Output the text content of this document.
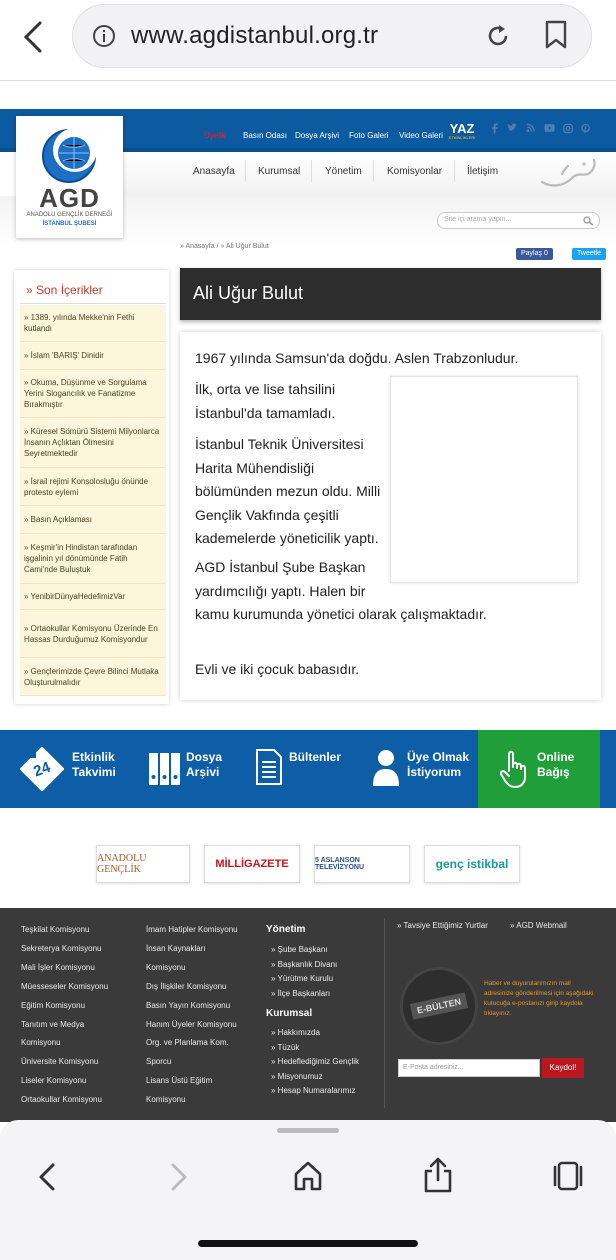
www.agdistanbul.org.tr
Üyelik Basın Odası Dosya Arşivi Foto Galeri Video Galeri YAZ
ETKİNLİKLERİ
Anasayfa Kurumsal Yönetim	Komisyonlar İletişim
AGD
ANADOLU GENÇLİK DERNEĞİ
İSTANBUL ŞUBESİ
Site içi arama yapın...
» Anasayfa / » Ali Uğur Bulut
Paylaş 0	Tweetle
» Son İçerikler
» 1389. yılında Mekke'nin Fethi kutlandı
» İslam 'BARIŞ' Dinidir
» Okuma, Düşünme ve Sorgulama Yerini Slogancılık ve Fanatizme Bırakmıştır
» Küresel Sömürü Sistemi Milyonlarca İnsanın Açlıktan Ölmesini Seyretmektedir
» İsrail rejimi Konsolosluğu önünde protesto eylemi
» Basın Açıklaması
» Keşmir'in Hindistan tarafından işgalinin yıl dönümünde Fatih Cami'nde Buluştuk
» YenibirDünyaHedefimizVar
» Ortaokullar Komisyonu Üzerinde En Hassas Durduğumuz Komisyondur
» Gençlerimizde Çevre Bilinci Mutlaka Oluşturulmalıdır
Ali Uğur Bulut
1967 yılında Samsun'da doğdu. Aslen Trabzonludur.
İlk, orta ve lise tahsilini
İstanbul'da tamamladı.
İstanbul Teknik Üniversitesi
Harita Mühendisliği
bölümünden mezun oldu. Milli
Gençlik Vakfında çeşitli
kademelerde yöneticilik yaptı.
AGD İstanbul Şube Başkan
yardımcılığı yaptı. Halen bir
kamu kurumunda yönetici olarak çalışmaktadır.
Evli ve iki çocuk babasıdır.
24
Etkinlik
Takvimi
Dosya
Arşivi
Bültenler	Üye Olmak
İstiyorum
Online
Bağış
ANADOLU GENÇLİK	MİLLİGAZETE	5 ASLANSON TELEVİZYONU	genç istikbal
Teşkilat Komisyonu
Sekreterya Komisyonu
Mali İşler Komisyonu
Müesseseler Komisyonu
Eğitim Komisyonu
Tanıtım ve Medya
Komisyonu
Üniversite Komisyonu
Liseler Komisyonu
Ortaokullar Komisyonu
İmam Hatipler Komisyonu
İnsan Kaynakları
Komisyonu
Dış İlişkiler Komisyonu
Basın Yayın Komisyonu
Hanım Üyeler Komisyonu
Org. ve Planlama Kom.
Sporcu
Lisans Üstü Eğitim
Komisyonu
Yönetim
» Şube Başkanı
» Başkanlık Divanı
» Yürütme Kurulu
» İlçe Başkanları
Kurumsal
» Hakkımızda
» Tüzük
» Hedeflediğimiz Gençlik
» Misyonumuz
» Hesap Numaralarımız
» Tavsiye Ettiğimiz Yurtlar	» AGD Webmail
E-BÜLTEN
Haber ve duyurularımızın mail adresinize gönderilmesi için aşağıdaki kutucuğa e-postanızı girip kaydola tıklayınız.
E-Posta adresiniz...	Kaydol!
